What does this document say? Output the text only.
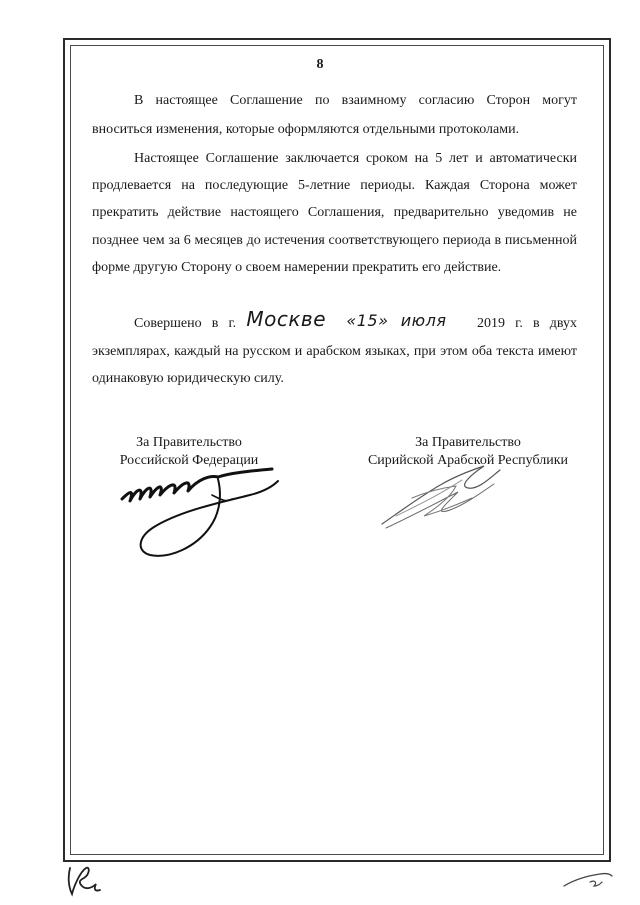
8

В настоящее Соглашение по взаимному согласию Сторон могут

вноситься изменения, которые оформляются отдельными протоколами.

Настоящее Соглашение заключается сроком на 5 лет и автоматически продлевается на последующие 5-летние периоды. Каждая Сторона может прекратить действие настоящего Соглашения, предварительно уведомив не позднее чем за 6 месяцев до истечения соответствующего периода в письменной форме другую Сторону о своем намерении прекратить его действие.

Совершено в г. Москве «15» июля 2019 г. в двух экземплярах, каждый на русском и арабском языках, при этом оба текста имеют одинаковую юридическую силу.

За Правительство
Российской Федерации
За Правительство
Сирийской Арабской Республики
